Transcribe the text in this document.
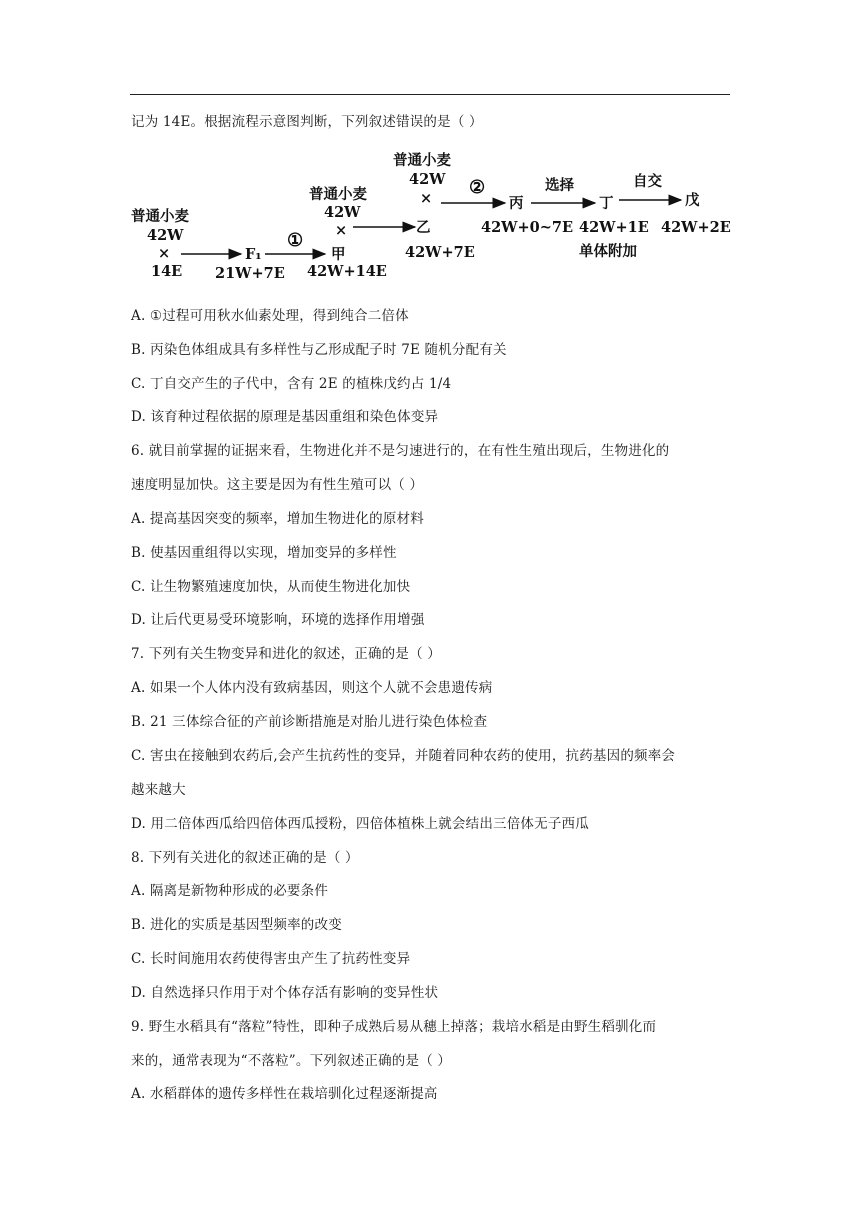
记为 14E。根据流程示意图判断，下列叙述错误的是（ ）
普通小麦
42W
×
14E
F₁
21W+7E
①
普通小麦
42W
×
甲
42W+14E
普通小麦
42W
×
乙
42W+7E
②
丙
42W+0~7E
选择
丁
42W+1E
单体附加
自交
戊
42W+2E
A. ①过程可用秋水仙素处理，得到纯合二倍体
B. 丙染色体组成具有多样性与乙形成配子时 7E 随机分配有关
C. 丁自交产生的子代中，含有 2E 的植株戊约占 1/4
D. 该育种过程依据的原理是基因重组和染色体变异
6. 就目前掌握的证据来看，生物进化并不是匀速进行的，在有性生殖出现后，生物进化的
速度明显加快。这主要是因为有性生殖可以（ ）
A. 提高基因突变的频率，增加生物进化的原材料
B. 使基因重组得以实现，增加变异的多样性
C. 让生物繁殖速度加快，从而使生物进化加快
D. 让后代更易受环境影响，环境的选择作用增强
7. 下列有关生物变异和进化的叙述，正确的是（ ）
A. 如果一个人体内没有致病基因，则这个人就不会患遗传病
B. 21 三体综合征的产前诊断措施是对胎儿进行染色体检查
C. 害虫在接触到农药后,会产生抗药性的变异，并随着同种农药的使用，抗药基因的频率会
越来越大
D. 用二倍体西瓜给四倍体西瓜授粉，四倍体植株上就会结出三倍体无子西瓜
8. 下列有关进化的叙述正确的是（ ）
A. 隔离是新物种形成的必要条件
B. 进化的实质是基因型频率的改变
C. 长时间施用农药使得害虫产生了抗药性变异
D. 自然选择只作用于对个体存活有影响的变异性状
9. 野生水稻具有“落粒”特性，即种子成熟后易从穗上掉落；栽培水稻是由野生稻驯化而
来的，通常表现为“不落粒”。下列叙述正确的是（ ）
A. 水稻群体的遗传多样性在栽培驯化过程逐渐提高
